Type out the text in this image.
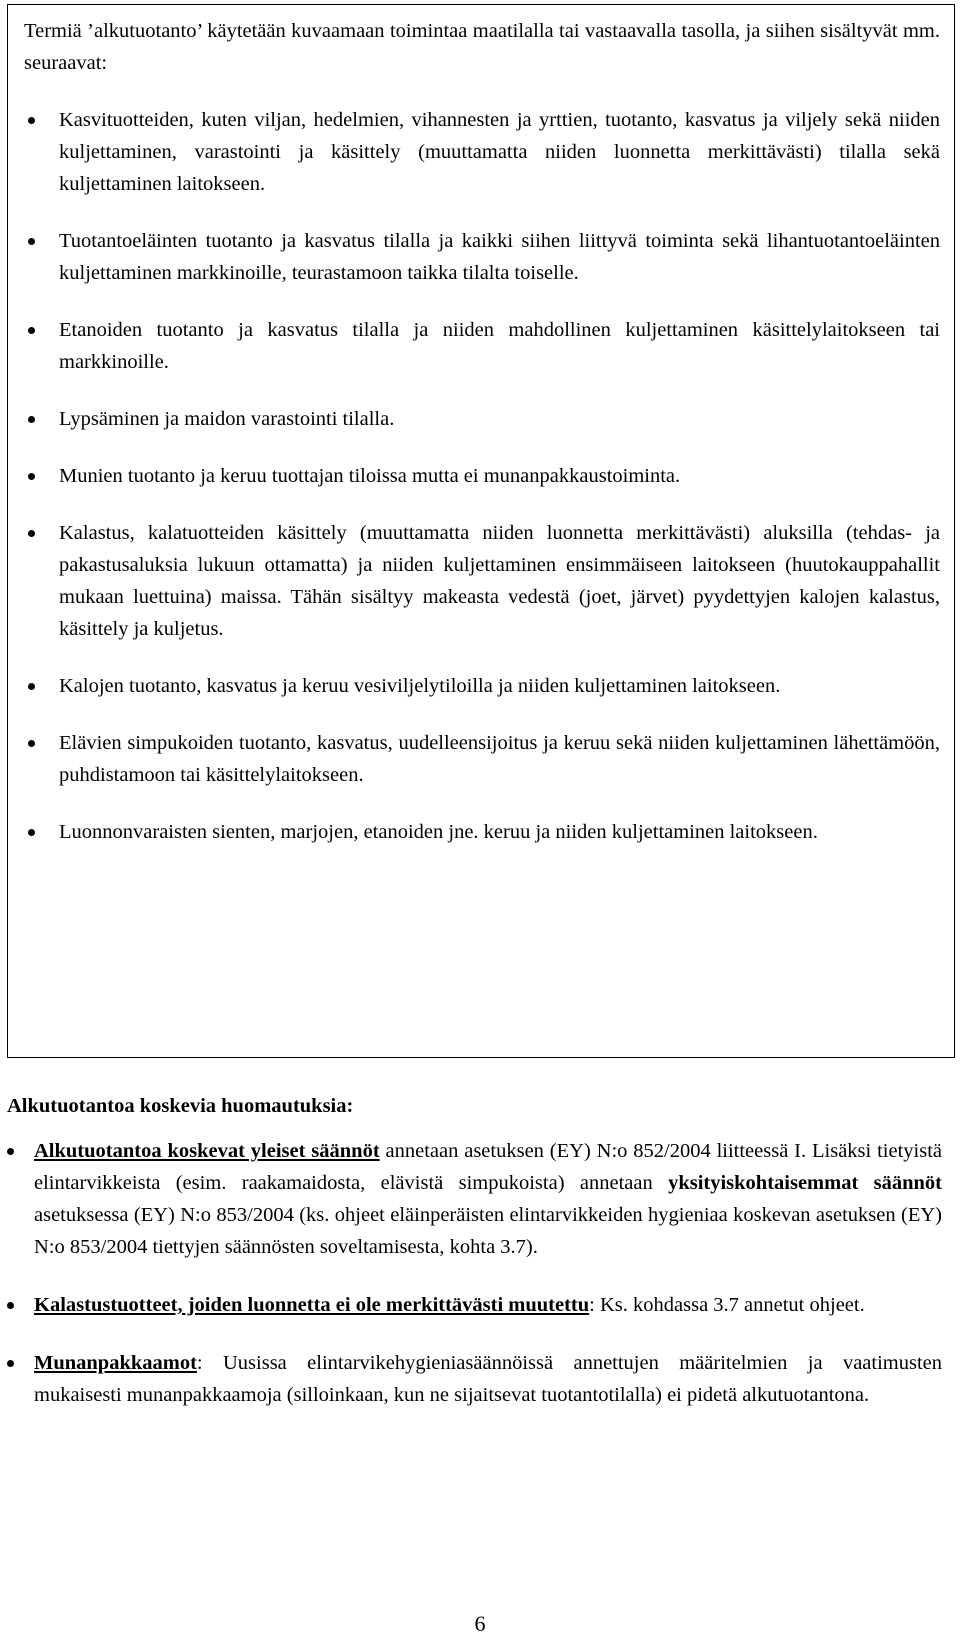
Termiä ’alkutuotanto’ käytetään kuvaamaan toimintaa maatilalla tai vastaavalla tasolla, ja siihen sisältyvät mm. seuraavat:

Kasvituotteiden, kuten viljan, hedelmien, vihannesten ja yrttien, tuotanto, kasvatus ja viljely sekä niiden kuljettaminen, varastointi ja käsittely (muuttamatta niiden luonnetta merkittävästi) tilalla sekä kuljettaminen laitokseen.
Tuotantoeläinten tuotanto ja kasvatus tilalla ja kaikki siihen liittyvä toiminta sekä lihantuotantoeläinten kuljettaminen markkinoille, teurastamoon taikka tilalta toiselle.
Etanoiden tuotanto ja kasvatus tilalla ja niiden mahdollinen kuljettaminen käsittelylaitokseen tai markkinoille.
Lypsäminen ja maidon varastointi tilalla.
Munien tuotanto ja keruu tuottajan tiloissa mutta ei munanpakkaustoiminta.
Kalastus, kalatuotteiden käsittely (muuttamatta niiden luonnetta merkittävästi) aluksilla (tehdas- ja pakastusaluksia lukuun ottamatta) ja niiden kuljettaminen ensimmäiseen laitokseen (huutokauppahallit mukaan luettuina) maissa. Tähän sisältyy makeasta vedestä (joet, järvet) pyydettyjen kalojen kalastus, käsittely ja kuljetus.
Kalojen tuotanto, kasvatus ja keruu vesiviljelytiloilla ja niiden kuljettaminen laitokseen.
Elävien simpukoiden tuotanto, kasvatus, uudelleensijoitus ja keruu sekä niiden kuljettaminen lähettämöön, puhdistamoon tai käsittelylaitokseen.
Luonnonvaraisten sienten, marjojen, etanoiden jne. keruu ja niiden kuljettaminen laitokseen.
Alkutuotantoa koskevia huomautuksia:
Alkutuotantoa koskevat yleiset säännöt annetaan asetuksen (EY) N:o 852/2004 liitteessä I. Lisäksi tietyistä elintarvikkeista (esim. raakamaidosta, elävistä simpukoista) annetaan yksityiskohtaisemmat säännöt asetuksessa (EY) N:o 853/2004 (ks. ohjeet eläinperäisten elintarvikkeiden hygieniaa koskevan asetuksen (EY) N:o 853/2004 tiettyjen säännösten soveltamisesta, kohta 3.7).
Kalastustuotteet, joiden luonnetta ei ole merkittävästi muutettu: Ks. kohdassa 3.7 annetut ohjeet.
Munanpakkaamot: Uusissa elintarvikehygieniasäännöissä annettujen määritelmien ja vaatimusten mukaisesti munanpakkaamoja (silloinkaan, kun ne sijaitsevat tuotantotilalla) ei pidetä alkutuotantona.
6
